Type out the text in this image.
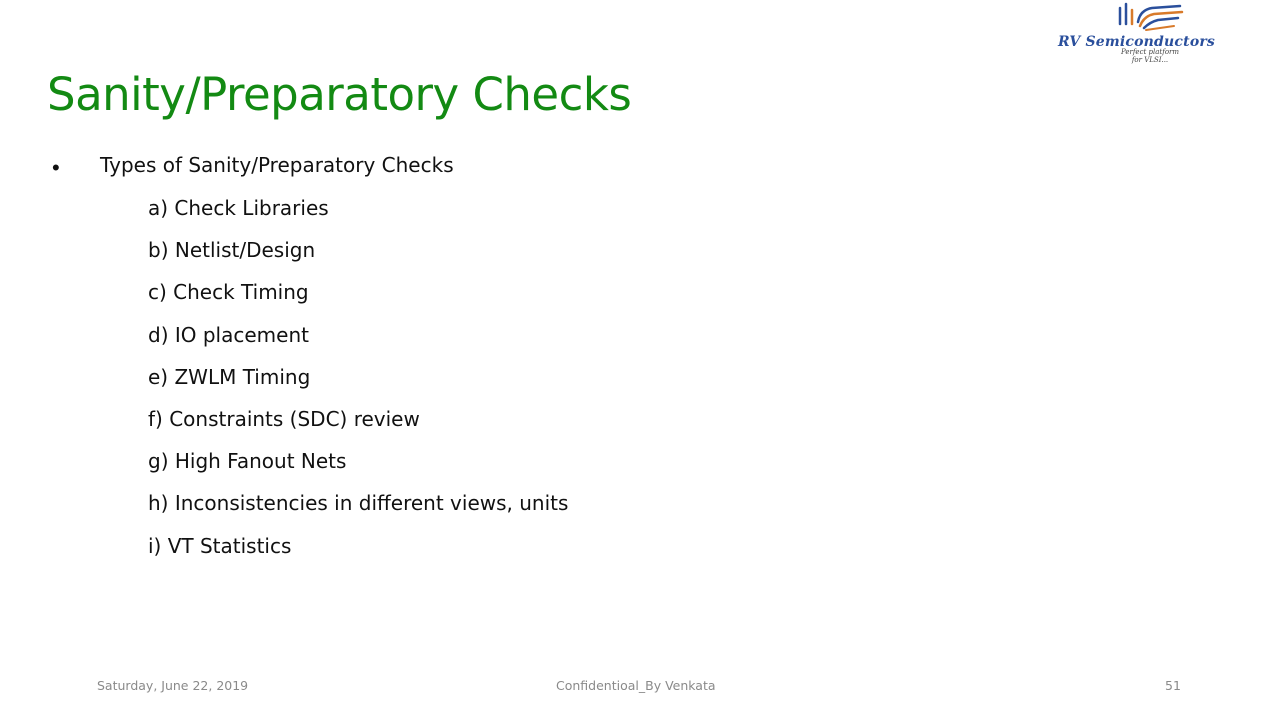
RV Semiconductors
Perfect platform
for VLSI...
Sanity/Preparatory Checks
• Types of Sanity/Preparatory Checks
a) Check Libraries
b) Netlist/Design
c) Check Timing
d) IO placement
e) ZWLM Timing
f) Constraints (SDC) review
g) High Fanout Nets
h) Inconsistencies in different views, units
i) VT Statistics
Saturday, June 22, 2019	Confidentioal_By Venkata	51
